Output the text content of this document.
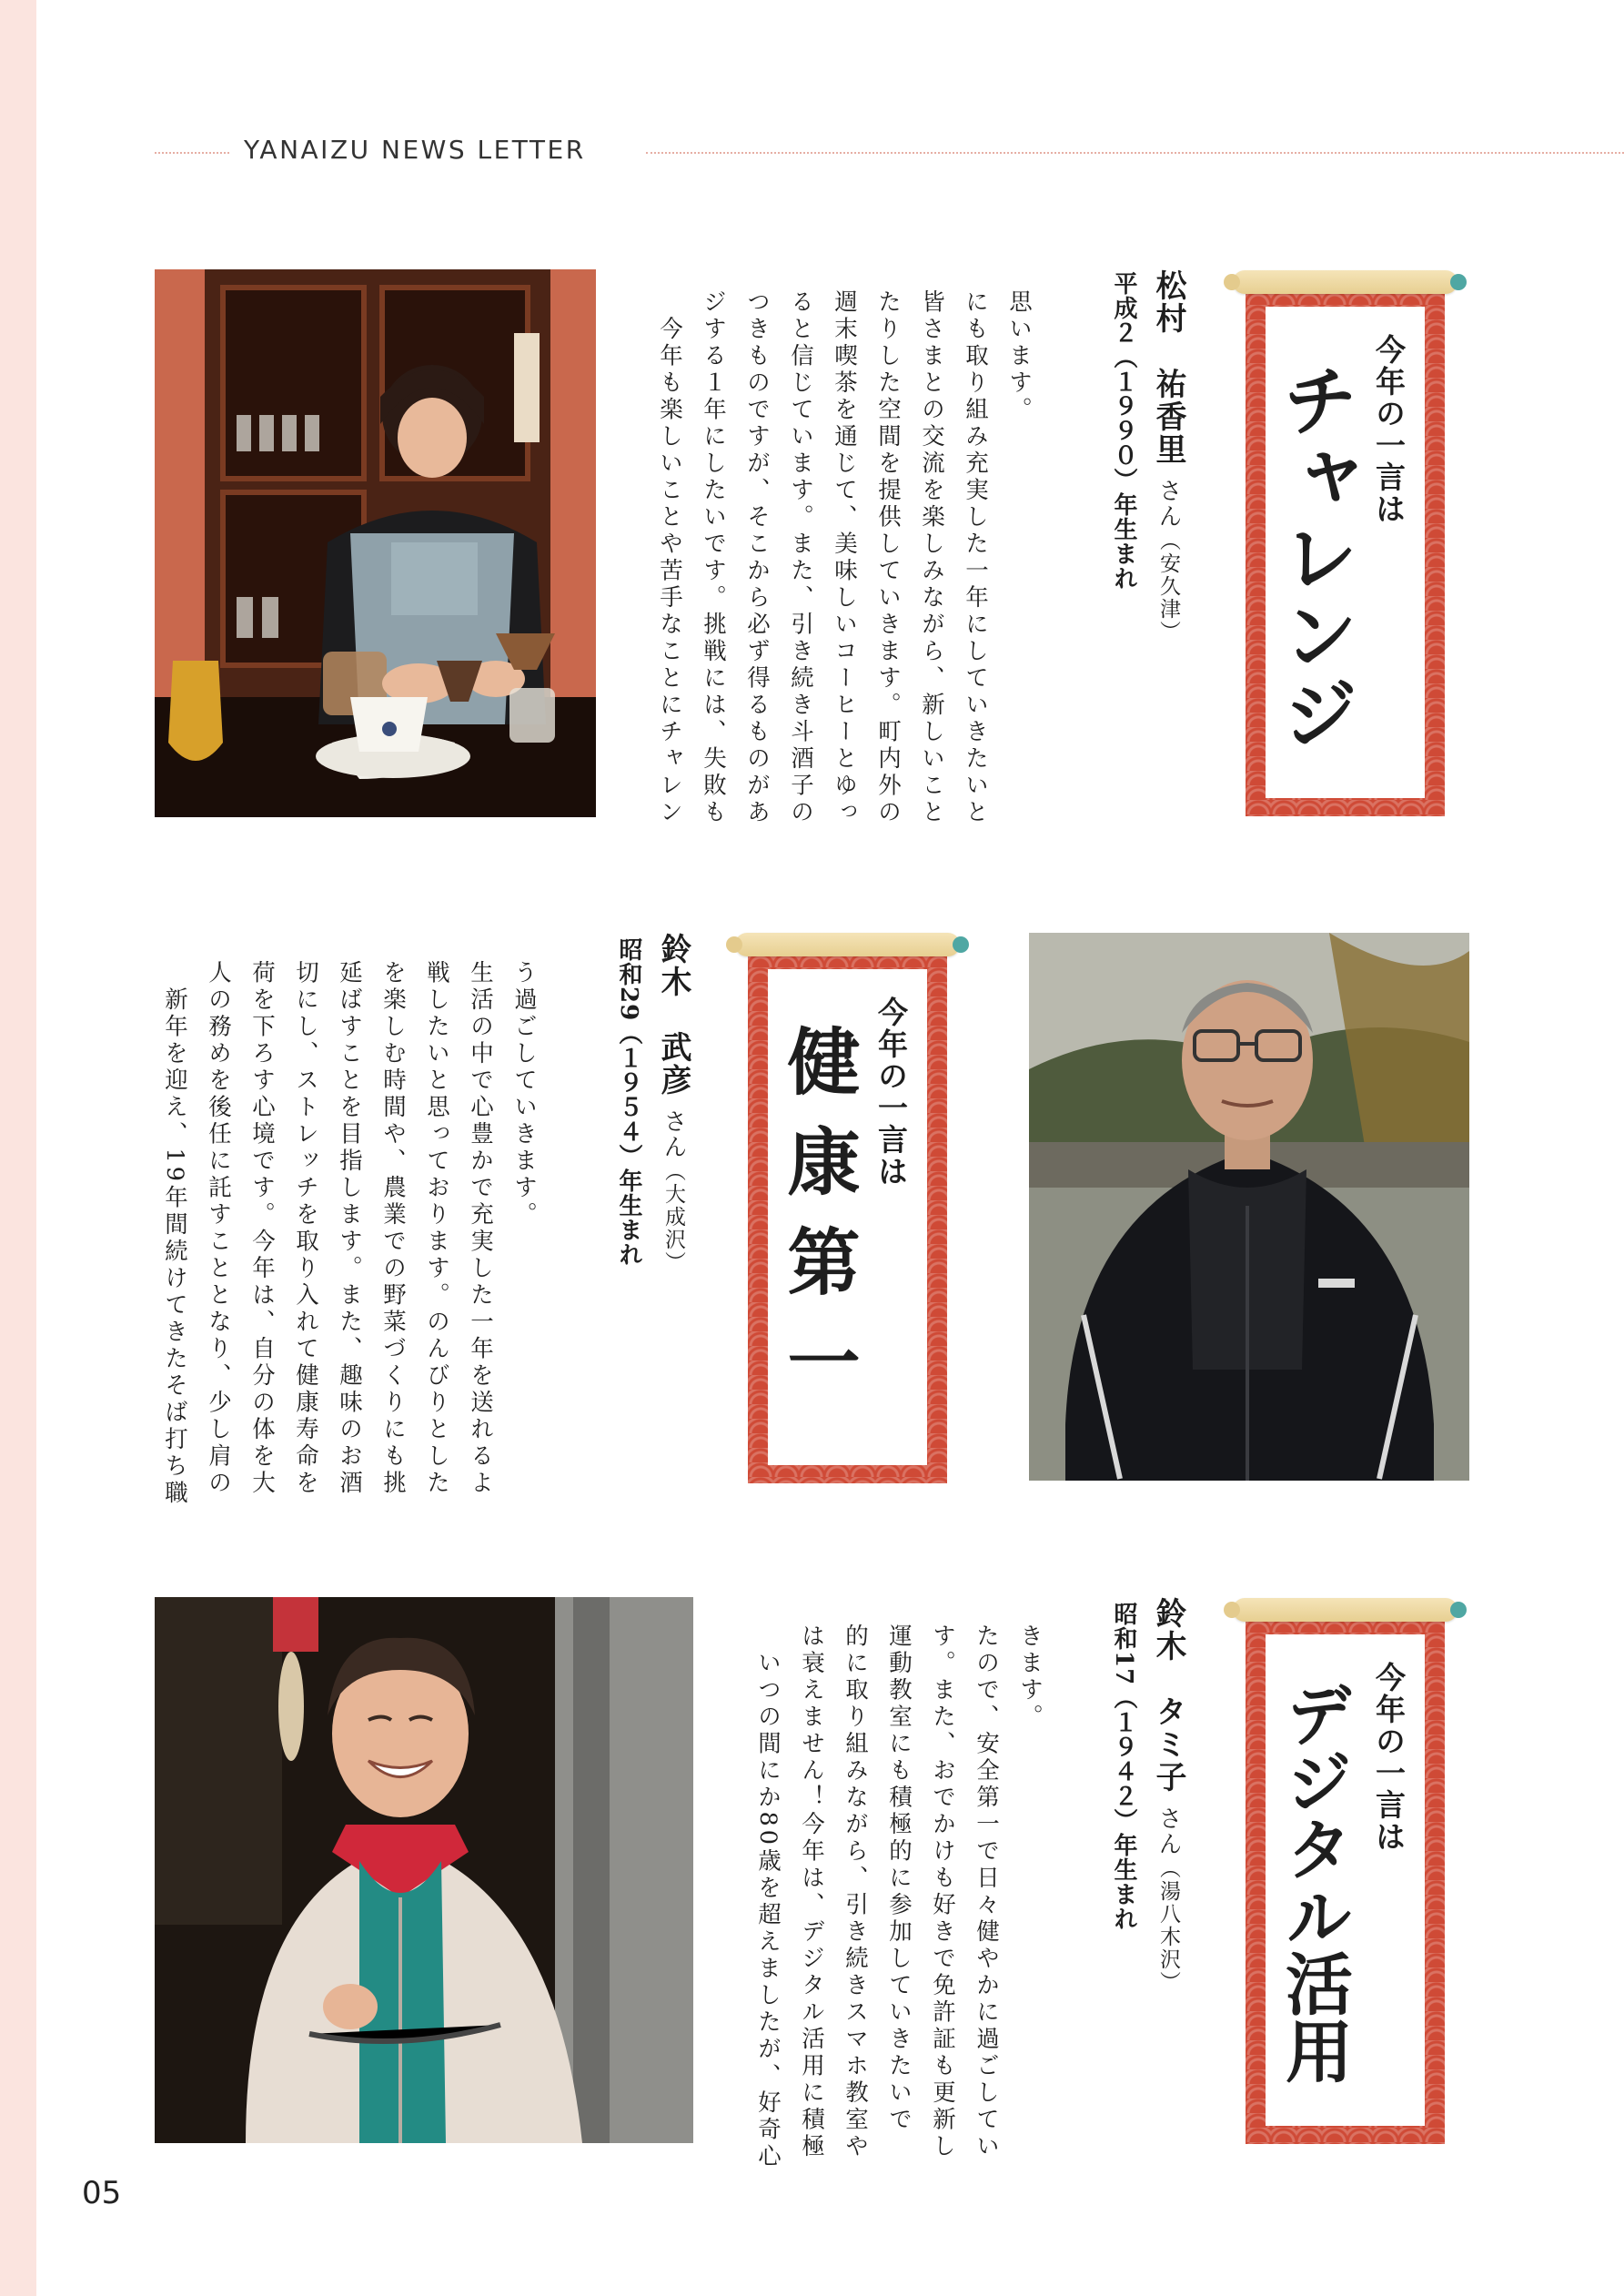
YANAIZU NEWS LETTER
思います。
にも取り組み充実した一年にしていきたいと
皆さまとの交流を楽しみながら、新しいこと
たりした空間を提供していきます。町内外の
週末喫茶を通じて、美味しいコーヒーとゆっ
ると信じています。また、引き続き斗酒子の
つきものですが、そこから必ず得るものがあ
ジする１年にしたいです。挑戦には、失敗も
　今年も楽しいことや苦手なことにチャレン	平成２（１９９０）年生まれ 松村　祐香里 さん（安久津）
今年の一言は
チャレンジ
う過ごしていきます。
生活の中で心豊かで充実した一年を送れるよ
戦したいと思っております。のんびりとした
を楽しむ時間や、農業での野菜づくりにも挑
延ばすことを目指します。また、趣味のお酒
切にし、ストレッチを取り入れて健康寿命を
荷を下ろす心境です。今年は、自分の体を大
人の務めを後任に託すこととなり、少し肩の
　新年を迎え、19年間続けてきたそば打ち職	昭和29（１９５４）年生まれ 鈴木　武彦 さん（大成沢）
今年の一言は
健康第一
きます。
たので、安全第一で日々健やかに過ごしてい
す。また、おでかけも好きで免許証も更新し
運動教室にも積極的に参加していきたいで
的に取り組みながら、引き続きスマホ教室や
は衰えません！今年は、デジタル活用に積極
　いつの間にか80歳を超えましたが、好奇心	昭和17（１９４２）年生まれ 鈴木　タミ子 さん（湯八木沢）
今年の一言は
デジタル活用
05
